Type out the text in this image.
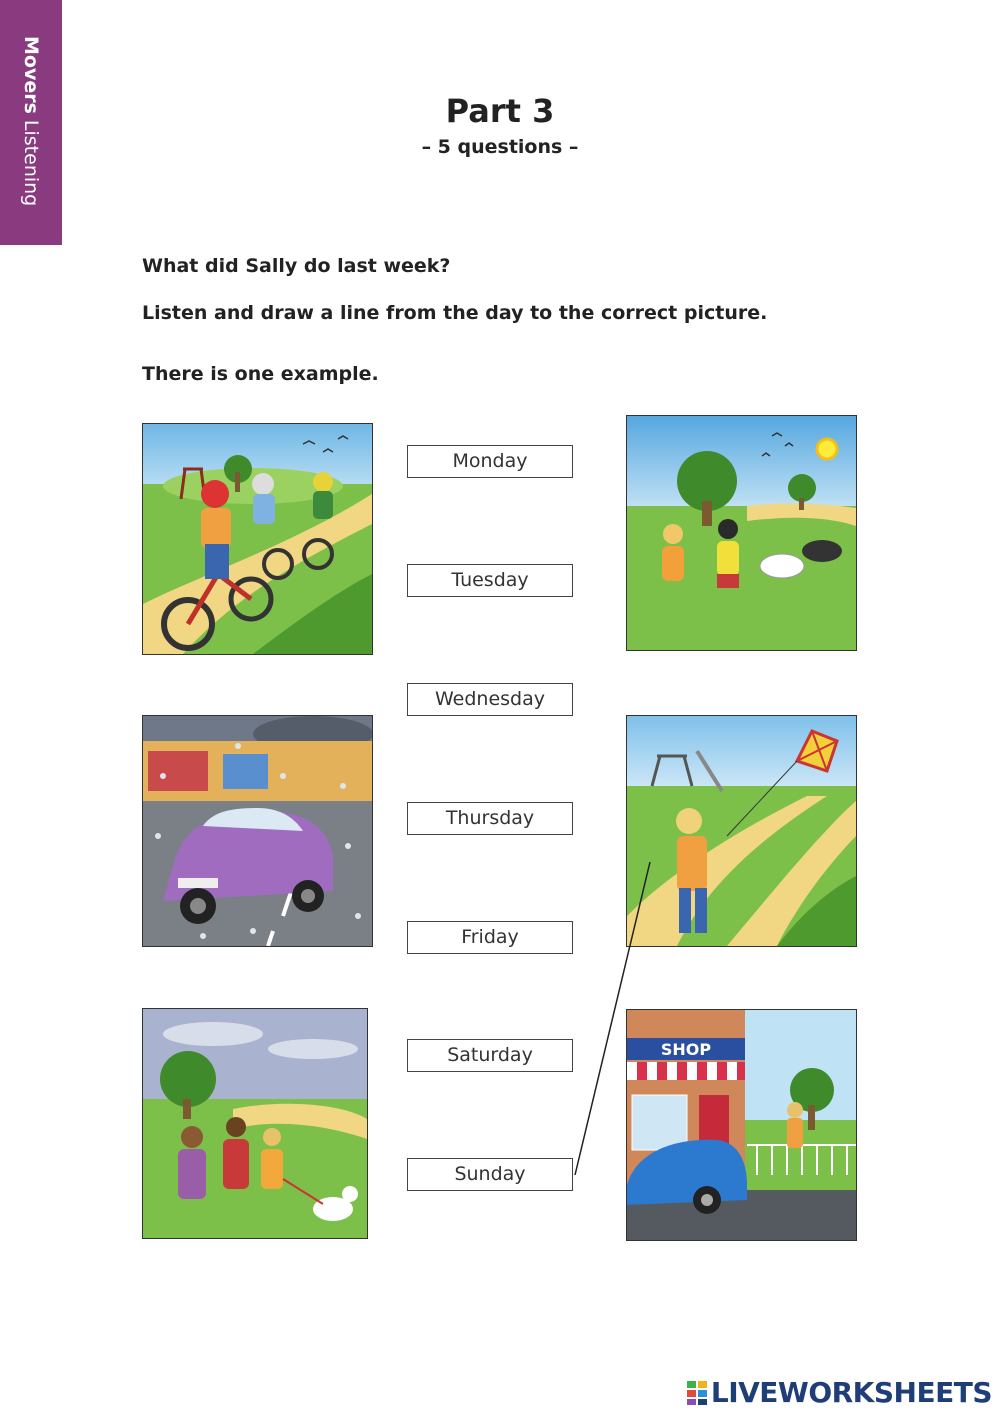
MoversListening
Part 3
– 5 questions –
What did Sally do last week?
Listen and draw a line from the day to the correct picture.
There is one example.
Monday
Tuesday
Wednesday
Thursday
Friday
Saturday
Sunday
SHOP
LIVEWORKSHEETS
